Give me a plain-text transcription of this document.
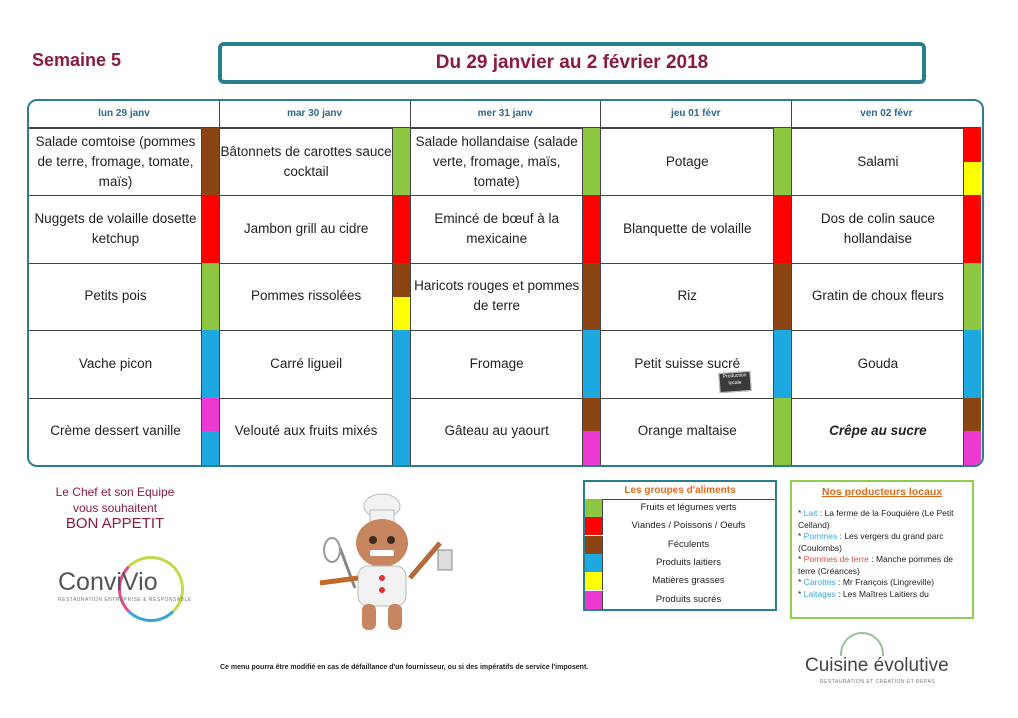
Semaine 5	Du 29 janvier au 2 février 2018
lun 29 janv
Salade comtoise (pommes de terre, fromage, tomate, maïs)
Nuggets de volaille dosette ketchup
Petits pois
Vache picon
Crème dessert vanille
mar 30 janv
Bâtonnets de carottes sauce cocktail
Jambon grill au cidre
Pommes rissolées
Carré ligueil
Velouté aux fruits mixés
mer 31 janv
Salade hollandaise (salade verte, fromage, maïs, tomate)
Emincé de bœuf à la mexicaine
Haricots rouges et pommes de terre
Fromage
Gâteau au yaourt
jeu 01 févr
Potage
Blanquette de volaille
Riz
Petit suisse sucré
Production locale
Orange maltaise
ven 02 févr
Salami
Dos de colin sauce hollandaise
Gratin de choux fleurs
Gouda
Crêpe au sucre
Le Chef et son Equipe
vous souhaitent
BON APPETIT
ConviVio
RESTAURATION ENTREPRISE & RESPONSABLE
Les groupes d'aliments
Fruits et légumes verts
Viandes / Poissons / Oeufs
Féculents
Produits laitiers
Matières grasses
Produits sucrés
Nos producteurs locaux
* Lait : La ferme de la Fouquière (Le Petit Celland)
* Pommes : Les vergers du grand parc (Coulombs)
* Pommes de terre : Manche pommes de terre (Créances)
* Carottes : Mr François (Lingreville)
* Laitages : Les Maîtres Laitiers du
Ce menu pourra être modifié en cas de défaillance d'un fournisseur, ou si des impératifs de service l'imposent.	Cuisine évolutive
RESTAURATION ET CRÉATION ET REPAS
